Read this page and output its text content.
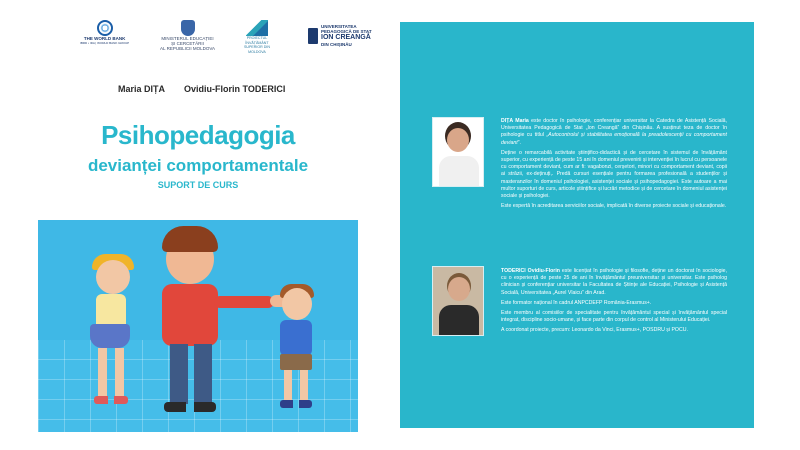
THE WORLD BANK
IBRD • IDA | WORLD BANK GROUP
MINISTERUL EDUCAȚIEI
ȘI CERCETĂRII
AL REPUBLICII MOLDOVA
PROIECTUL
ÎNVĂȚĂMÂNT
SUPERIOR DIN
MOLDOVA
UNIVERSITATEA
PEDAGOGICĂ DE STAT
ION CREANGĂ
DIN CHIȘINĂU
Maria DIȚA Ovidiu-Florin TODERICI
Psihopedagogia
devianței comportamentale
SUPORT DE CURS

DIȚA Maria este doctor în psihologie, conferențiar universitar la Catedra de Asistență Socială, Universitatea Pedagogică de Stat „Ion Creangă” din Chișinău. A susținut teza de doctor în psihologie cu titlul „Autocontrolul și stabilitatea emoțională la preadolescenții cu comportament deviant”.

Deține o remarcabilă activitate științifico-didactică și de cercetare în sistemul de învățământ superior, cu experiență de peste 15 ani în domeniul prevenirii și intervenției în lucrul cu persoanele cu comportament deviant, cum ar fi: vagabonzi, cerșetori, minori cu comportament deviant, copii ai străzii, ex-deținuți,. Predă cursuri esențiale pentru formarea profesională a studenților și masteranzilor în domeniul psihologiei, asistenței sociale și psihopedagogiei. Este autoare a mai multor suporturi de curs, articole științifice și lucrări metodice și de cercetare în domeniul asistenței sociale și psihologiei.

Este expertă în acreditarea serviciilor sociale, implicată în diverse proiecte sociale și educaționale.

TODERICI Ovidiu-Florin este licențiat în psihologie și filosofie, deține un doctorat în sociologie, cu o experiență de peste 25 de ani în învățământul preuniversitar și universitar. Este psiholog clinician și conferențiar universitar la Facultatea de Științe ale Educației, Psihologie și Asistență Socială, Universitatea „Aurel Vlaicu” din Arad.

Este formator național în cadrul ANPCDEFP România-Erasmus+.

Este membru al comisiilor de specialitate pentru învățământul special și învățământul special integrat, discipline socio-umane, și face parte din corpul de control al Ministerului Educației.

A coordonat proiecte, precum: Leonardo da Vinci, Erasmus+, POSDRU și POCU.
